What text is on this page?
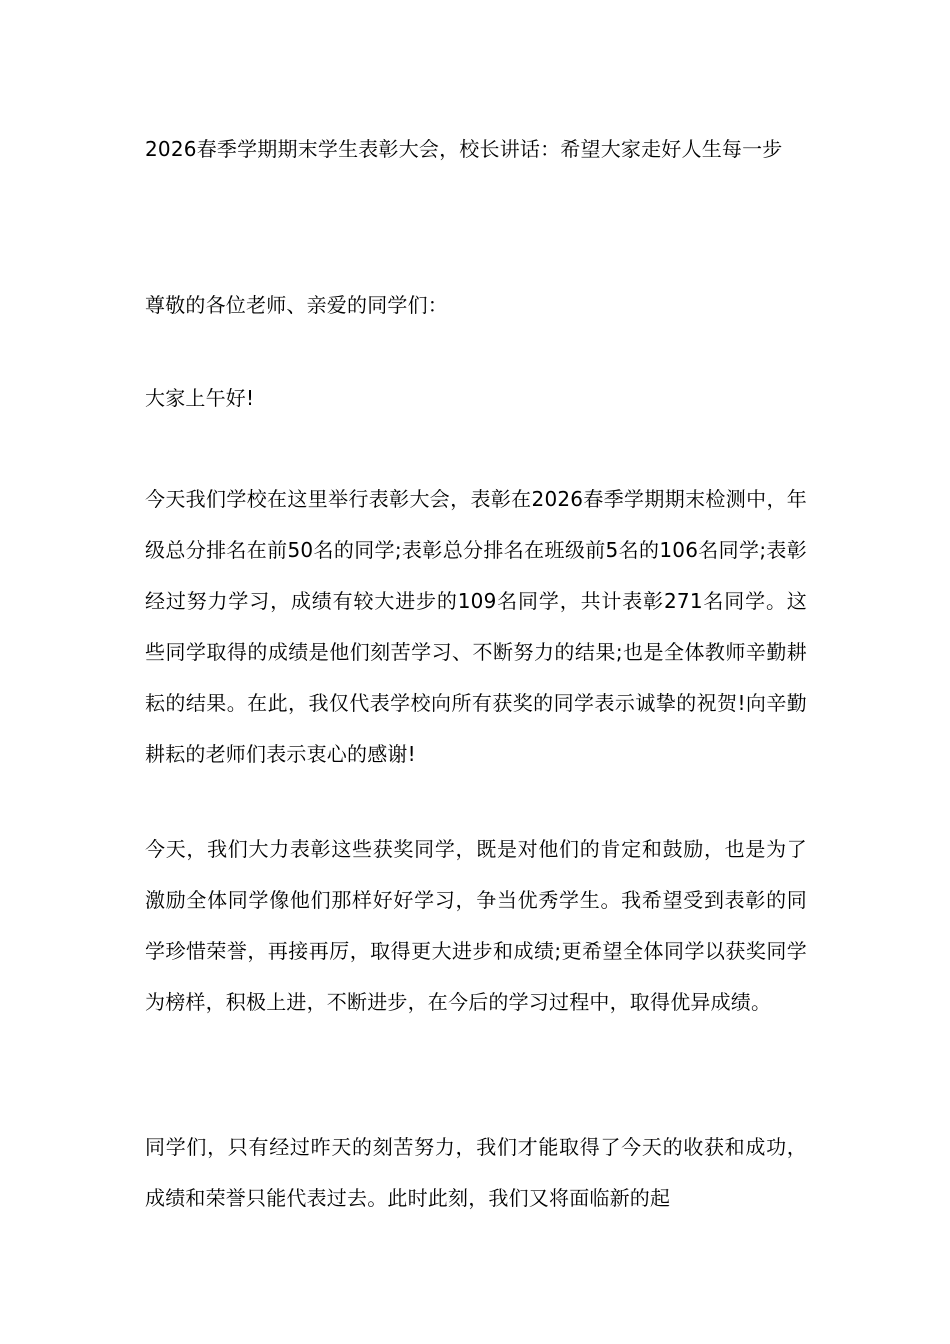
2026春季学期期末学生表彰大会，校长讲话：希望大家走好人生每一步
尊敬的各位老师、亲爱的同学们：
大家上午好!
今天我们学校在这里举行表彰大会，表彰在2026春季学期期末检测中，年级总分排名在前50名的同学;表彰总分排名在班级前5名的106名同学;表彰经过努力学习，成绩有较大进步的109名同学，共计表彰271名同学。这些同学取得的成绩是他们刻苦学习、不断努力的结果;也是全体教师辛勤耕耘的结果。在此，我仅代表学校向所有获奖的同学表示诚挚的祝贺!向辛勤耕耘的老师们表示衷心的感谢!
今天，我们大力表彰这些获奖同学，既是对他们的肯定和鼓励，也是为了激励全体同学像他们那样好好学习，争当优秀学生。我希望受到表彰的同学珍惜荣誉，再接再厉，取得更大进步和成绩;更希望全体同学以获奖同学为榜样，积极上进，不断进步，在今后的学习过程中，取得优异成绩。
同学们，只有经过昨天的刻苦努力，我们才能取得了今天的收获和成功，成绩和荣誉只能代表过去。此时此刻，我们又将面临新的起
